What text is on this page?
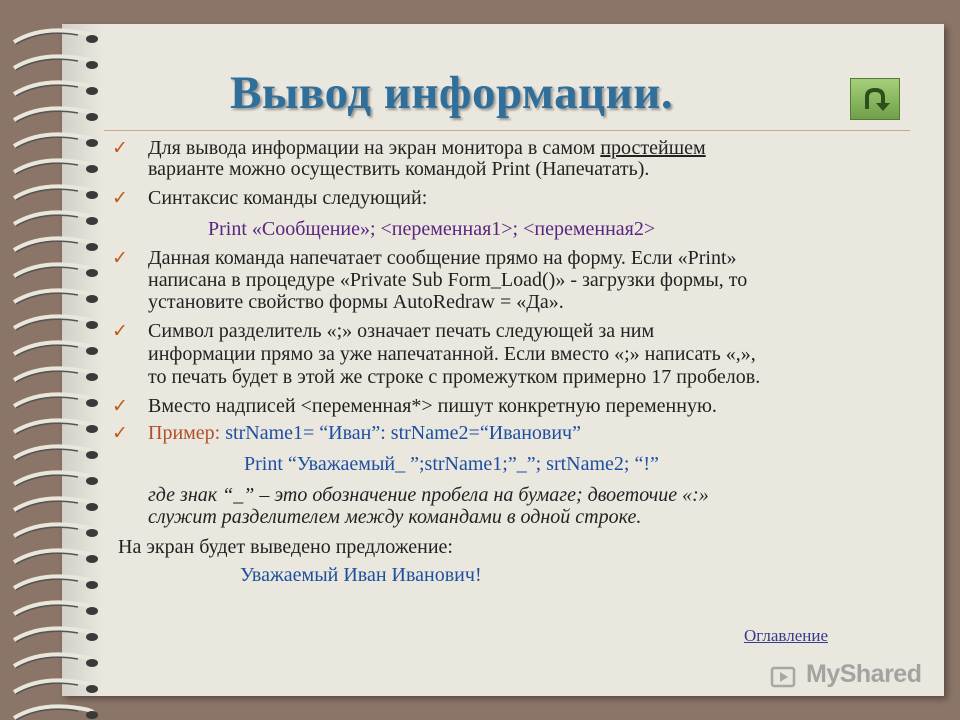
Вывод информации.
✓ Для вывода информации на экран монитора в самом простейшем
варианте можно осуществить командой Print (Напечатать).
✓ Синтаксис команды следующий:
Print «Сообщение»; <переменная1>; <переменная2>
✓ Данная команда напечатает сообщение прямо на форму. Если «Print»
написана в процедуре «Private Sub Form_Load()» - загрузки формы, то
установите свойство формы AutoRedraw = «Да».
✓ Символ разделитель «;» означает печать следующей за ним
информации прямо за уже напечатанной. Если вместо «;» написать «,»,
то печать будет в этой же строке с промежутком примерно 17 пробелов.
✓ Вместо надписей <переменная*> пишут конкретную переменную.
✓ Пример: strName1= “Иван”: strName2=“Иванович”
Print “Уважаемый_ ”;strName1;”_”; srtName2; “!”
где знак “_” – это обозначение пробела на бумаге; двоеточие «:»
служит разделителем между командами в одной строке.
На экран будет выведено предложение:
Уважаемый Иван Иванович!
Оглавление
MyShared
